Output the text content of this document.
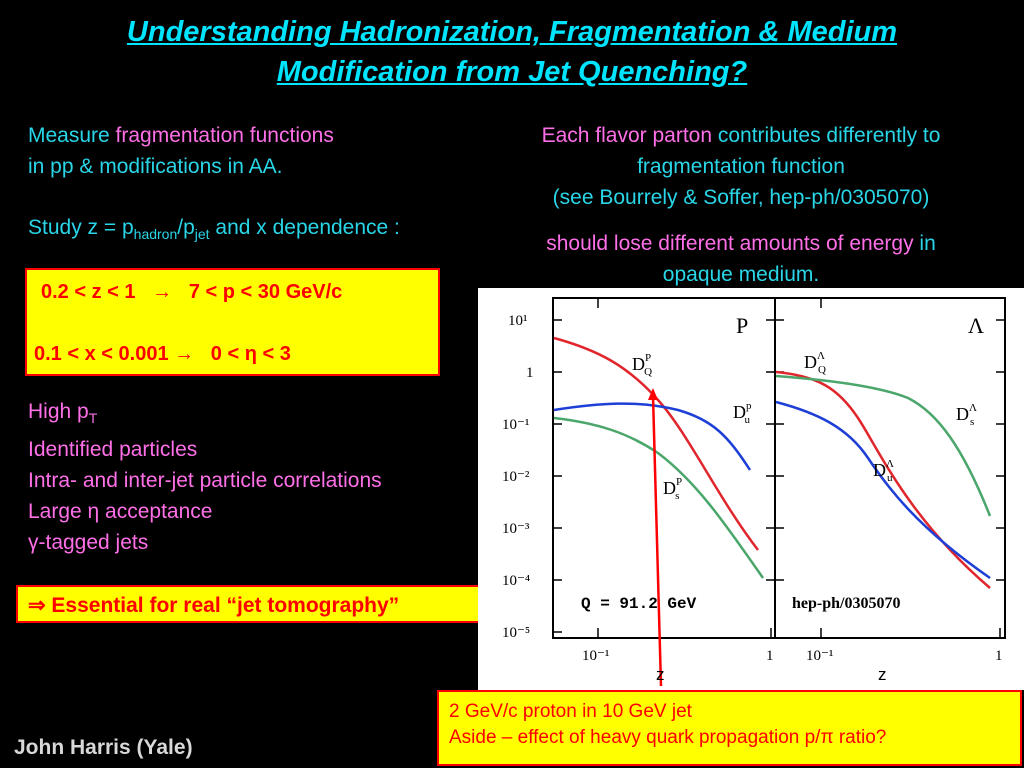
Understanding Hadronization, Fragmentation & Medium
Modification from Jet Quenching?
Measure fragmentation functions
in pp & modifications in AA.
Study $z = p_{hadron}/p_{jet}$ and x dependence :
0.2 < z < 1   →   7 < p < 30 GeV/c
0.1 < x < 0.001 →   0 < η < 3
High $p_T$
Identified particles
Intra- and inter-jet particle correlations
Large η acceptance
γ-tagged jets
⇒ Essential for real “jet tomography”
Each flavor parton contributes differently to
fragmentation function
(see Bourrely & Soffer, hep-ph/0305070)
should lose different amounts of energy in
opaque medium.
10¹
1
10⁻¹
10⁻²
10⁻³
10⁻⁴
10⁻⁵
10⁻¹	1 10⁻¹	1
P	Λ
Q = 91.2 GeV	hep-ph/0305070
$D^P$ Q
$D^p$ u
$D^P$ s
$D^\Lambda$ Q
$D^\Lambda$ s
$D^\Lambda$ u
z	z
2 GeV/c proton in 10 GeV jet
Aside – effect of heavy quark propagation p/π ratio?
John Harris (Yale)
